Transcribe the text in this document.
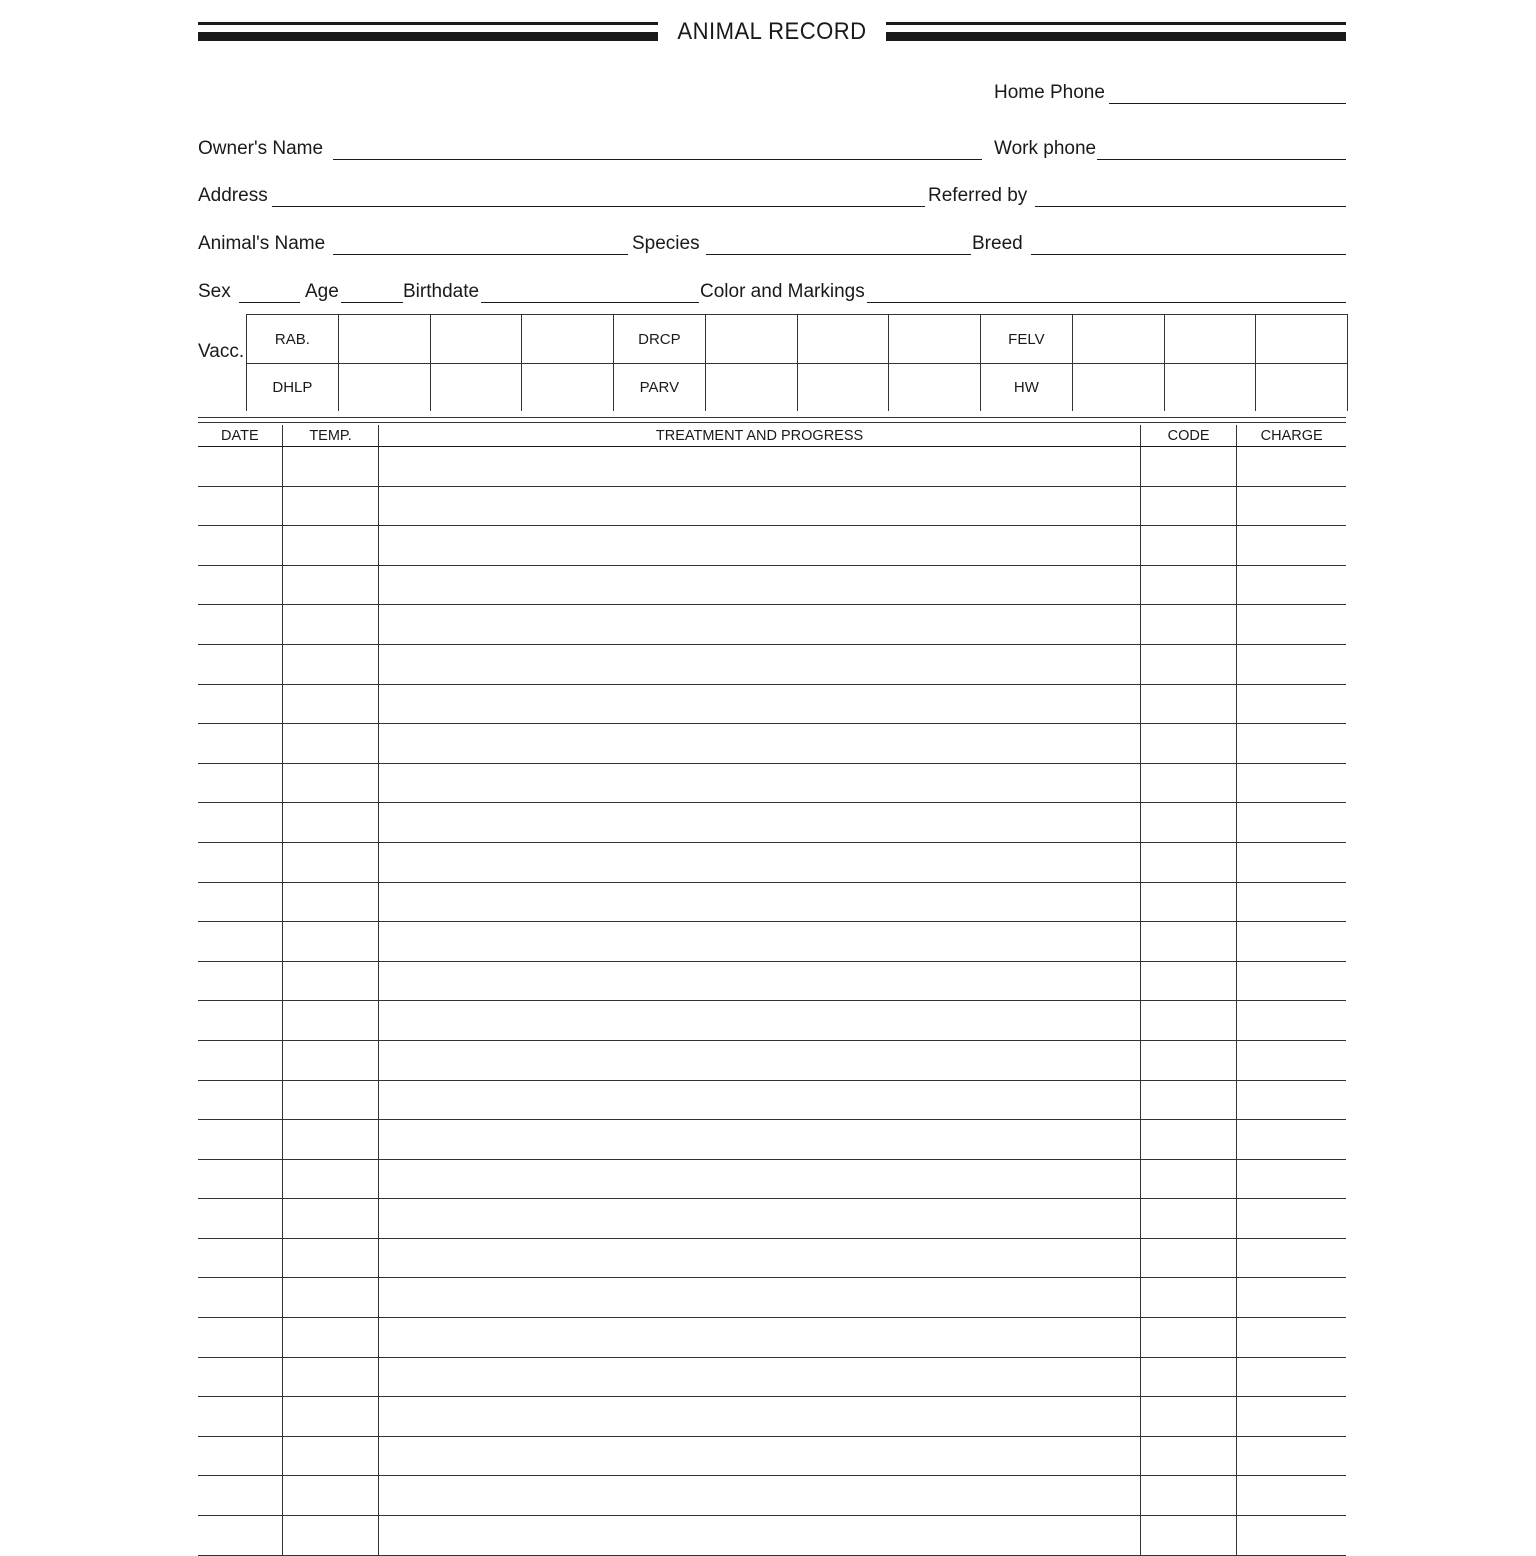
ANIMAL RECORD
Home Phone
Owner's Name	Work phone
Address	Referred by
Animal's Name	Species	Breed
Sex	Age	Birthdate	Color and Markings
Vacc.
RAB.	DRCP	FELV
DHLP	PARV	HW
DATE	TEMP.	TREATMENT AND PROGRESS	CODE	CHARGE
